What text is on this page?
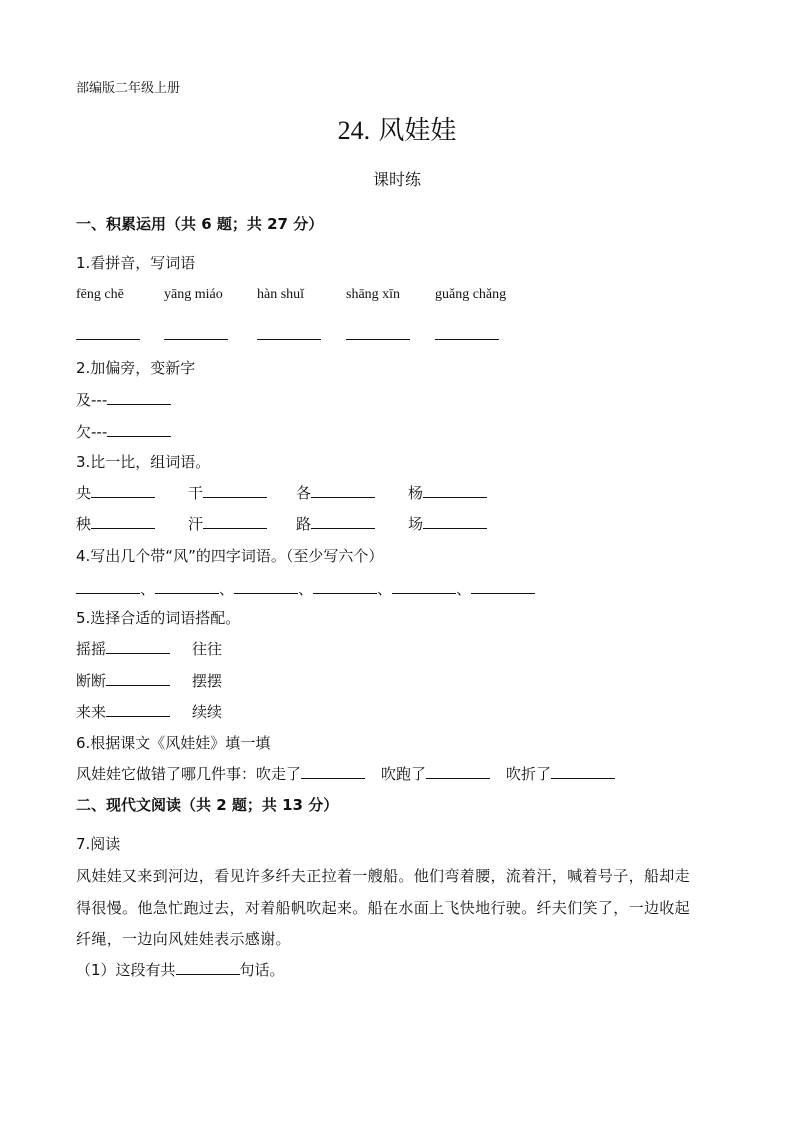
部编版二年级上册
24. 风娃娃
课时练
一、积累运用（共 6 题；共 27 分）
1.看拼音，写词语
fēng chē	yāng miáo hàn shuǐ	shāng xīn guǎng chǎng
2.加偏旁，变新字
及---
欠---
3.比一比，组词语。
央	干	各	杨
秧	汗	路	场
4.写出几个带“风”的四字词语。（至少写六个）
、	、	、	、	、
5.选择合适的词语搭配。
摇摇	往往
断断	摆摆
来来	续续
6.根据课文《风娃娃》填一填
风娃娃它做错了哪几件事：吹走了	吹跑了	吹折了
二、现代文阅读（共 2 题；共 13 分）
7.阅读
风娃娃又来到河边，看见许多纤夫正拉着一艘船。他们弯着腰，流着汗，喊着号子，船却走
得很慢。他急忙跑过去，对着船帆吹起来。船在水面上飞快地行驶。纤夫们笑了，一边收起
纤绳，一边向风娃娃表示感谢。
（1）这段有共	句话。
